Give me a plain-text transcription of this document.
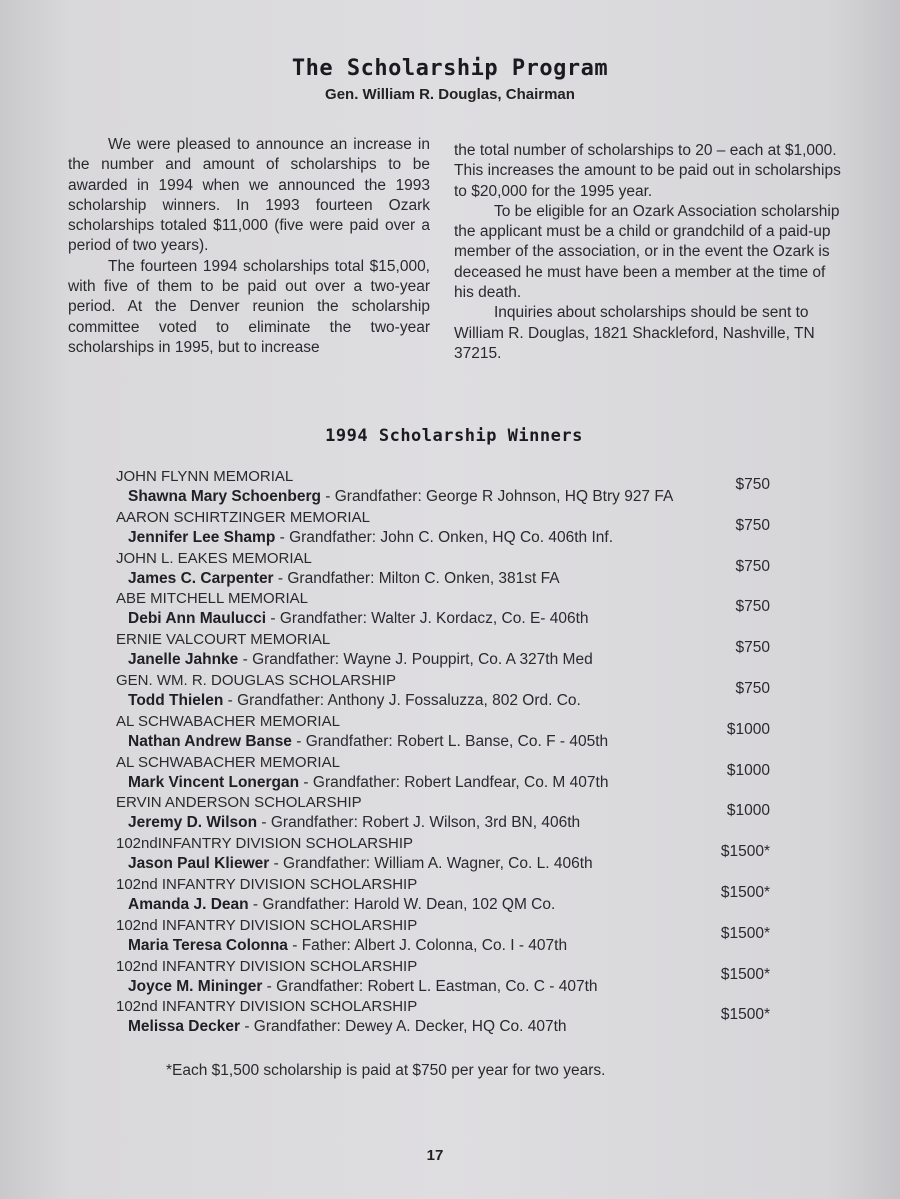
The Scholarship Program
Gen. William R. Douglas, Chairman

We were pleased to announce an increase in the number and amount of scholarships to be awarded in 1994 when we announced the 1993 scholarship winners. In 1993 fourteen Ozark scholarships totaled $11,000 (five were paid over a period of two years).

The fourteen 1994 scholarships total $15,000, with five of them to be paid out over a two-year period. At the Denver reunion the scholarship committee voted to eliminate the two-year scholarships in 1995, but to increase

the total number of scholarships to 20 – each at $1,000. This increases the amount to be paid out in scholarships to $20,000 for the 1995 year.

To be eligible for an Ozark Association scholarship the applicant must be a child or grandchild of a paid-up member of the association, or in the event the Ozark is deceased he must have been a member at the time of his death.

Inquiries about scholarships should be sent to William R. Douglas, 1821 Shackleford, Nashville, TN 37215.

1994 Scholarship Winners
JOHN FLYNN MEMORIAL	$750
Shawna Mary Schoenberg - Grandfather: George R Johnson, HQ Btry 927 FA
AARON SCHIRTZINGER MEMORIAL	$750
Jennifer Lee Shamp - Grandfather: John C. Onken, HQ Co. 406th Inf.
JOHN L. EAKES MEMORIAL	$750
James C. Carpenter - Grandfather: Milton C. Onken, 381st FA
ABE MITCHELL MEMORIAL	$750
Debi Ann Maulucci - Grandfather: Walter J. Kordacz, Co. E- 406th
ERNIE VALCOURT MEMORIAL	$750
Janelle Jahnke - Grandfather: Wayne J. Pouppirt, Co. A 327th Med
GEN. WM. R. DOUGLAS SCHOLARSHIP	$750
Todd Thielen - Grandfather: Anthony J. Fossaluzza, 802 Ord. Co.
AL SCHWABACHER MEMORIAL	$1000
Nathan Andrew Banse - Grandfather: Robert L. Banse, Co. F - 405th
AL SCHWABACHER MEMORIAL	$1000
Mark Vincent Lonergan - Grandfather: Robert Landfear, Co. M 407th
ERVIN ANDERSON SCHOLARSHIP	$1000
Jeremy D. Wilson - Grandfather: Robert J. Wilson, 3rd BN, 406th
102ndINFANTRY DIVISION SCHOLARSHIP	$1500*
Jason Paul Kliewer - Grandfather: William A. Wagner, Co. L. 406th
102nd INFANTRY DIVISION SCHOLARSHIP	$1500*
Amanda J. Dean - Grandfather: Harold W. Dean, 102 QM Co.
102nd INFANTRY DIVISION SCHOLARSHIP	$1500*
Maria Teresa Colonna - Father: Albert J. Colonna, Co. I - 407th
102nd INFANTRY DIVISION SCHOLARSHIP	$1500*
Joyce M. Mininger - Grandfather: Robert L. Eastman, Co. C - 407th
102nd INFANTRY DIVISION SCHOLARSHIP	$1500*
Melissa Decker - Grandfather: Dewey A. Decker, HQ Co. 407th
*Each $1,500 scholarship is paid at $750 per year for two years.
17
